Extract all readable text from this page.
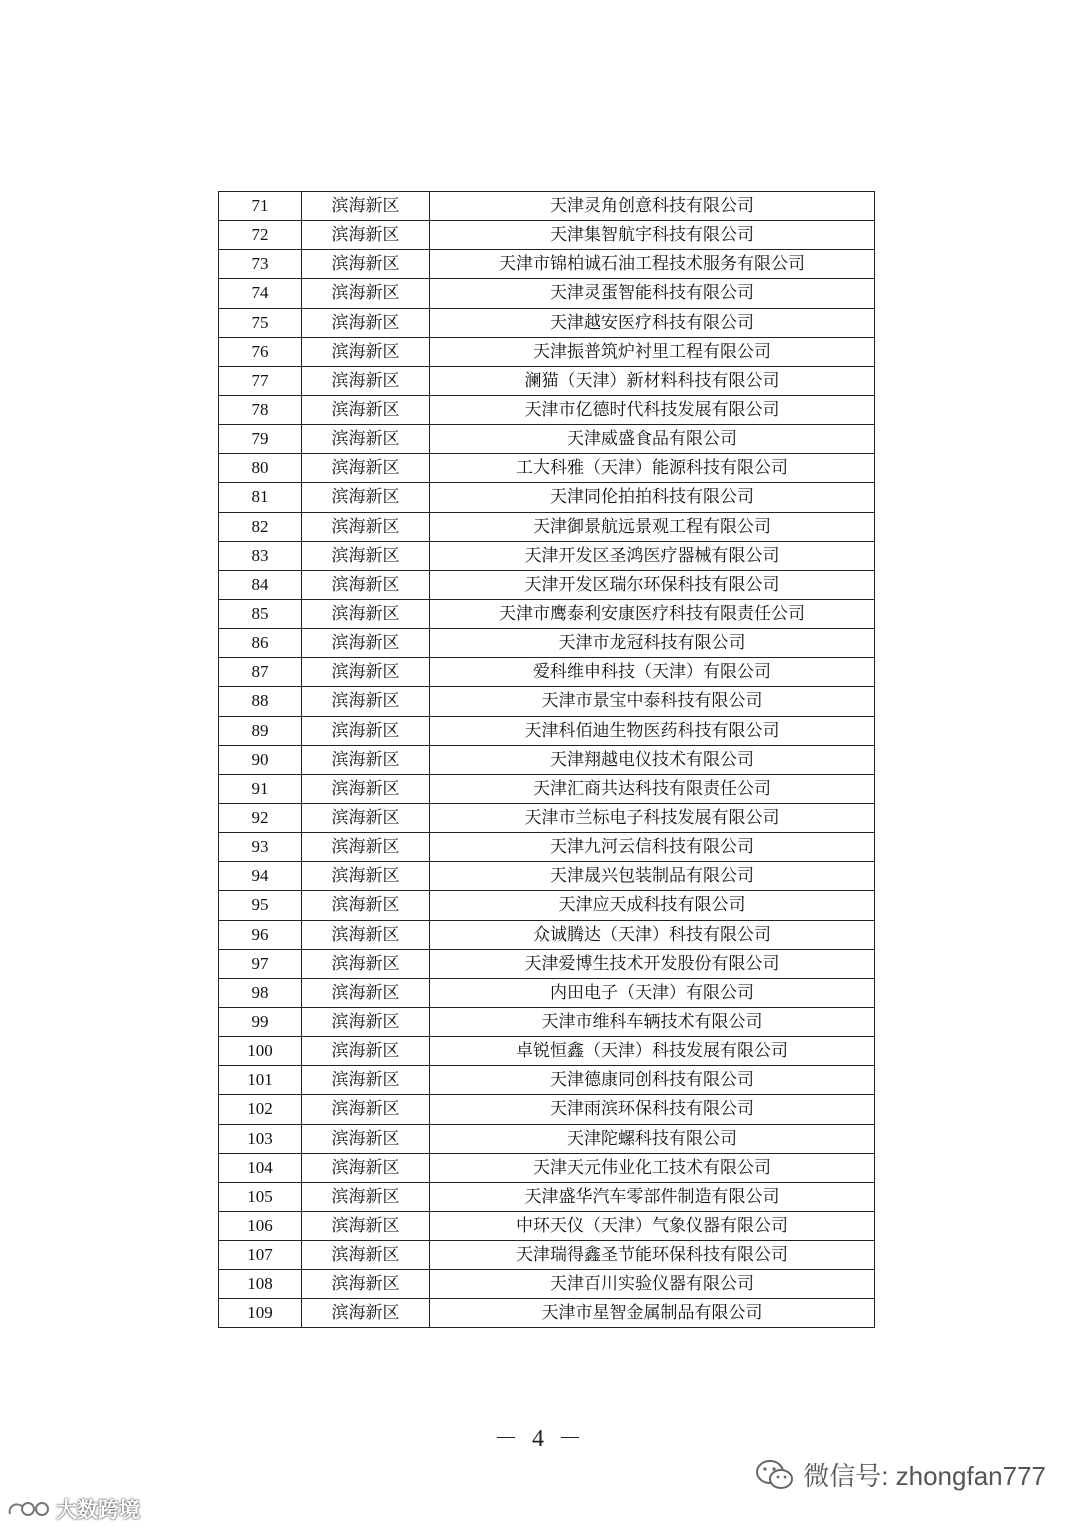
71	滨海新区	天津灵角创意科技有限公司
72	滨海新区	天津集智航宇科技有限公司
73	滨海新区	天津市锦柏诚石油工程技术服务有限公司
74	滨海新区	天津灵蛋智能科技有限公司
75	滨海新区	天津越安医疗科技有限公司
76	滨海新区	天津振普筑炉衬里工程有限公司
77	滨海新区	澜猫（天津）新材料科技有限公司
78	滨海新区	天津市亿德时代科技发展有限公司
79	滨海新区	天津威盛食品有限公司
80	滨海新区	工大科雅（天津）能源科技有限公司
81	滨海新区	天津同伦拍拍科技有限公司
82	滨海新区	天津御景航远景观工程有限公司
83	滨海新区	天津开发区圣鸿医疗器械有限公司
84	滨海新区	天津开发区瑞尔环保科技有限公司
85	滨海新区	天津市鹰泰利安康医疗科技有限责任公司
86	滨海新区	天津市龙冠科技有限公司
87	滨海新区	爱科维申科技（天津）有限公司
88	滨海新区	天津市景宝中泰科技有限公司
89	滨海新区	天津科佰迪生物医药科技有限公司
90	滨海新区	天津翔越电仪技术有限公司
91	滨海新区	天津汇商共达科技有限责任公司
92	滨海新区	天津市兰标电子科技发展有限公司
93	滨海新区	天津九河云信科技有限公司
94	滨海新区	天津晟兴包装制品有限公司
95	滨海新区	天津应天成科技有限公司
96	滨海新区	众诚腾达（天津）科技有限公司
97	滨海新区	天津爱博生技术开发股份有限公司
98	滨海新区	内田电子（天津）有限公司
99	滨海新区	天津市维科车辆技术有限公司
100	滨海新区	卓锐恒鑫（天津）科技发展有限公司
101	滨海新区	天津德康同创科技有限公司
102	滨海新区	天津雨滨环保科技有限公司
103	滨海新区	天津陀螺科技有限公司
104	滨海新区	天津天元伟业化工技术有限公司
105	滨海新区	天津盛华汽车零部件制造有限公司
106	滨海新区	中环天仪（天津）气象仪器有限公司
107	滨海新区	天津瑞得鑫圣节能环保科技有限公司
108	滨海新区	天津百川实验仪器有限公司
109	滨海新区	天津市星智金属制品有限公司
－ 4 －
微信号: zhongfan777
大数跨境
